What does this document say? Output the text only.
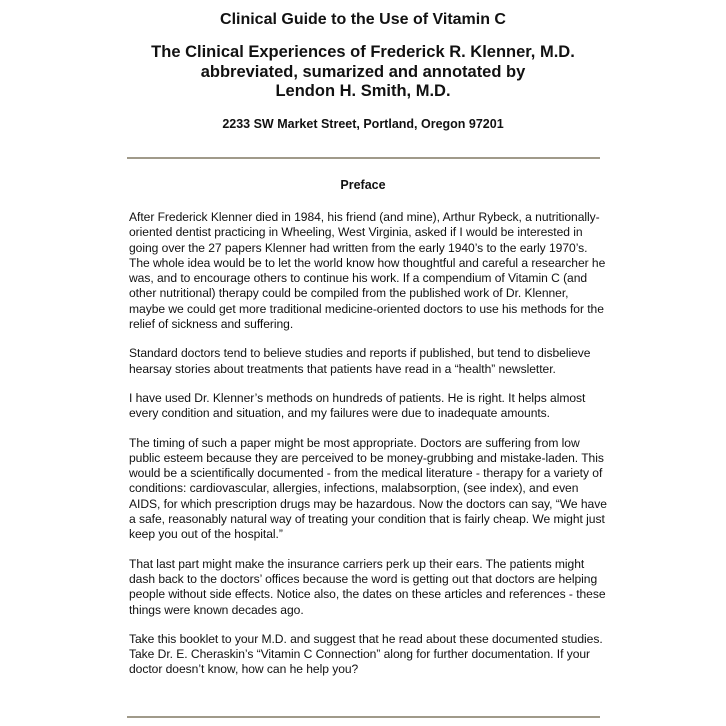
Clinical Guide to the Use of Vitamin C
The Clinical Experiences of Frederick R. Klenner, M.D.
abbreviated, sumarized and annotated by
Lendon H. Smith, M.D.

2233 SW Market Street, Portland, Oregon 97201

Preface

After Frederick Klenner died in 1984, his friend (and mine), Arthur Rybeck, a nutritionally-oriented dentist practicing in Wheeling, West Virginia, asked if I would be interested in going over the 27 papers Klenner had written from the early 1940’s to the early 1970’s. The whole idea would be to let the world know how thoughtful and careful a researcher he was, and to encourage others to continue his work. If a compendium of Vitamin C (and other nutritional) therapy could be compiled from the published work of Dr. Klenner, maybe we could get more traditional medicine-oriented doctors to use his methods for the relief of sickness and suffering.

Standard doctors tend to believe studies and reports if published, but tend to disbelieve hearsay stories about treatments that patients have read in a “health” newsletter.

I have used Dr. Klenner’s methods on hundreds of patients. He is right. It helps almost every condition and situation, and my failures were due to inadequate amounts.

The timing of such a paper might be most appropriate. Doctors are suffering from low public esteem because they are perceived to be money-grubbing and mistake-laden. This would be a scientifically documented - from the medical literature - therapy for a variety of conditions: cardiovascular, allergies, infections, malabsorption, (see index), and even AIDS, for which prescription drugs may be hazardous. Now the doctors can say, “We have a safe, reasonably natural way of treating your condition that is fairly cheap. We might just keep you out of the hospital.”

That last part might make the insurance carriers perk up their ears. The patients might dash back to the doctors’ offices because the word is getting out that doctors are helping people without side effects. Notice also, the dates on these articles and references - these things were known decades ago.

Take this booklet to your M.D. and suggest that he read about these documented studies. Take Dr. E. Cheraskin’s “Vitamin C Connection” along for further documentation. If your doctor doesn’t know, how can he help you?
